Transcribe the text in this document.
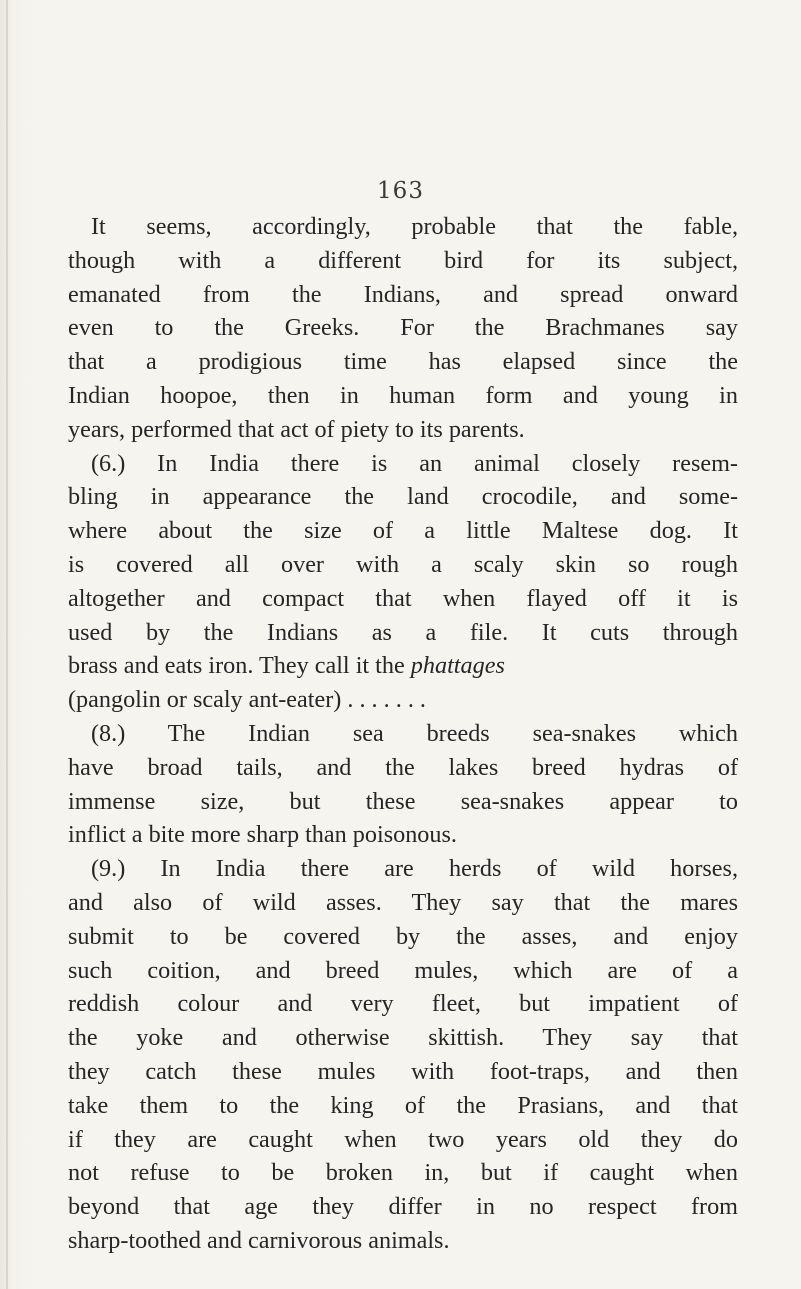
163
It seems, accordingly, probable that the fable,
though with a different bird for its subject,
emanated from the Indians, and spread onward
even to the Greeks. For the Brachmanes say
that a prodigious time has elapsed since the
Indian hoopoe, then in human form and young in
years, performed that act of piety to its parents.
(6.) In India there is an animal closely resem-
bling in appearance the land crocodile, and some-
where about the size of a little Maltese dog. It
is covered all over with a scaly skin so rough
altogether and compact that when flayed off it is
used by the Indians as a file. It cuts through
brass and eats iron. They call it the phattages
(pangolin or scaly ant-eater) . . . . . . .
(8.) The Indian sea breeds sea-snakes which
have broad tails, and the lakes breed hydras of
immense size, but these sea-snakes appear to
inflict a bite more sharp than poisonous.
(9.) In India there are herds of wild horses,
and also of wild asses. They say that the mares
submit to be covered by the asses, and enjoy
such coition, and breed mules, which are of a
reddish colour and very fleet, but impatient of
the yoke and otherwise skittish. They say that
they catch these mules with foot-traps, and then
take them to the king of the Prasians, and that
if they are caught when two years old they do
not refuse to be broken in, but if caught when
beyond that age they differ in no respect from
sharp-toothed and carnivorous animals.
